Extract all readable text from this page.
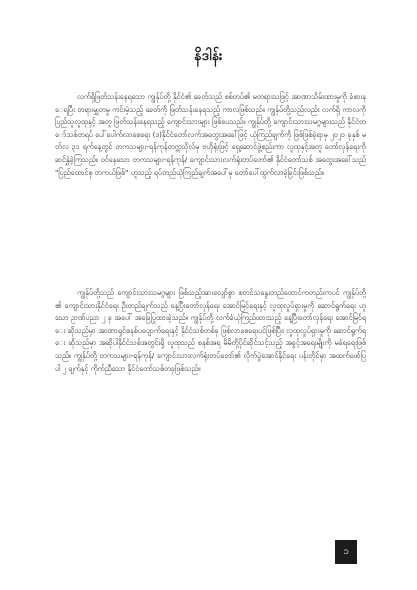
နိဒါန်း

လက်ရှိဖြတ်သန်းနေရသော ကျွန်ုပ်တို့ နိုင်ငံ၏ ခေတ်သည် စစ်တပ်၏ မတရားသဖြင့် အာဏာသိမ်းထားမှုကို ခံစားနေရပြီး တရားမျှတမှု ကင်းမဲ့သည့် ခေတ်ကို ဖြတ်သန်းနေရသည့် ကာလဖြစ်သည်။ ကျွန်ုပ်တို့သည်လည်း လက်ရှိ ကာလကို ပြည်သူလူထုနှင့် အတူ ဖြတ်သန်းနေရသည့် ကျောင်းသားများ ဖြစ်ပေသည်။ ကျွန်ုပ်တို့ ကျောင်းသားသမဂ္ဂများသည် နိုင်ငံတော်သစ်တရပ် ပေါ်ပေါက်လာစေရေး (ဒ)နိုင်ငံတော်လက်အတွေးအခေါ်ဖြင့် ယုံကြည်ချက်ကို ဖြစ်ဖြစ်ခဲ့ရာမှ ၂၀၂၁ ခုနှစ် မတ်လ ၃၁ ရက်နေ့တွင် တကသများ-ရန်ကုန်တက္ကသိုလ်မှ ဗဟိုရုံးဖြင့် ရှေ့ဆောင်ဖွဲ့စည်းကာ လူထုနှင့်အတူ တော်လှန်ရေးကို ဆင်နွှဲခဲ့ကြသည်။ ဝင်နေသော တကသများ-ရန်ကုန်/ ကျောင်းသားလက်ရုံးတပ်တော်၏ နိုင်ငံတော်သစ် အတွေးအခေါ်သည် "ပြည်ထောင်စု တကယ်ဖြစ်" ဟူသည့် ရပ်တည်ယုံကြည်ချက်အပေါ်မှ တော်ပေါ်ထွက်လာခဲ့ခြင်းဖြစ်သည်။

ကျွန်ုပ်တို့သည် ကျောင်းသားသမဂ္ဂများ ဖြစ်သည့်အားလျော်စွာ စတင်သနွေးတည်ထောင်ကတည်းကပင် ကျွန်ုပ်တို့၏ ကျောင်းသားနိုင်ငံရေး ဦးတည်ချက်သည် နေ့ပြီးတော်လှန်ရေး အောင်မြင်ရေးနှင့် လူထုလှုပ်ရှားမှုကို ဆောင်ရွက်ရေး ဟူသော ဥာဏ်ပညာ ၂ ခု အပေါ် အခြေပြုထားခဲ့သည်။ ကျွန်ုပ်တို့ လက်ခံယုံကြည်ထားသည့် နေ့ပြီးတော်လှန်ရေး အောင်မြင်ရေး ဆိုသည်မှာ အာဏာရှင်စနစ်ပပျောက်ရေးနှင့် နိုင်ငံသစ်တစ်ခု ဖြစ်လာစေရေးပင်ဖြစ်ပြီး၊ လူထုလှုပ်ရှားမှုကို ဆောင်ရွက်ရေး ဆိုသည်မှာ အဆိုပါနိုင်ငံသစ်အတွင်းရှိ လူထုသည် စနစ်အရ မိမိတို့ပိုင်ဆိုင်သင့်သည့် အခွင့်အရေးမျိုးကို မခံရရေးဖြစ်သည်။ ကျွန်ုပ်တို့ တကသများ-ရန်ကုန်/ ကျောင်းသားလက်ရုံးတပ်တော်၏ လိုက်ပွဲအောင်နိုင်ရေး ပန်းတိုင်မှာ အထက်ဖော်ပြပါ ၂ ချက်နှင့် ကိုက်ညီသော နိုင်ငံတော်သစ်တခုဖြစ်သည်။

၁
